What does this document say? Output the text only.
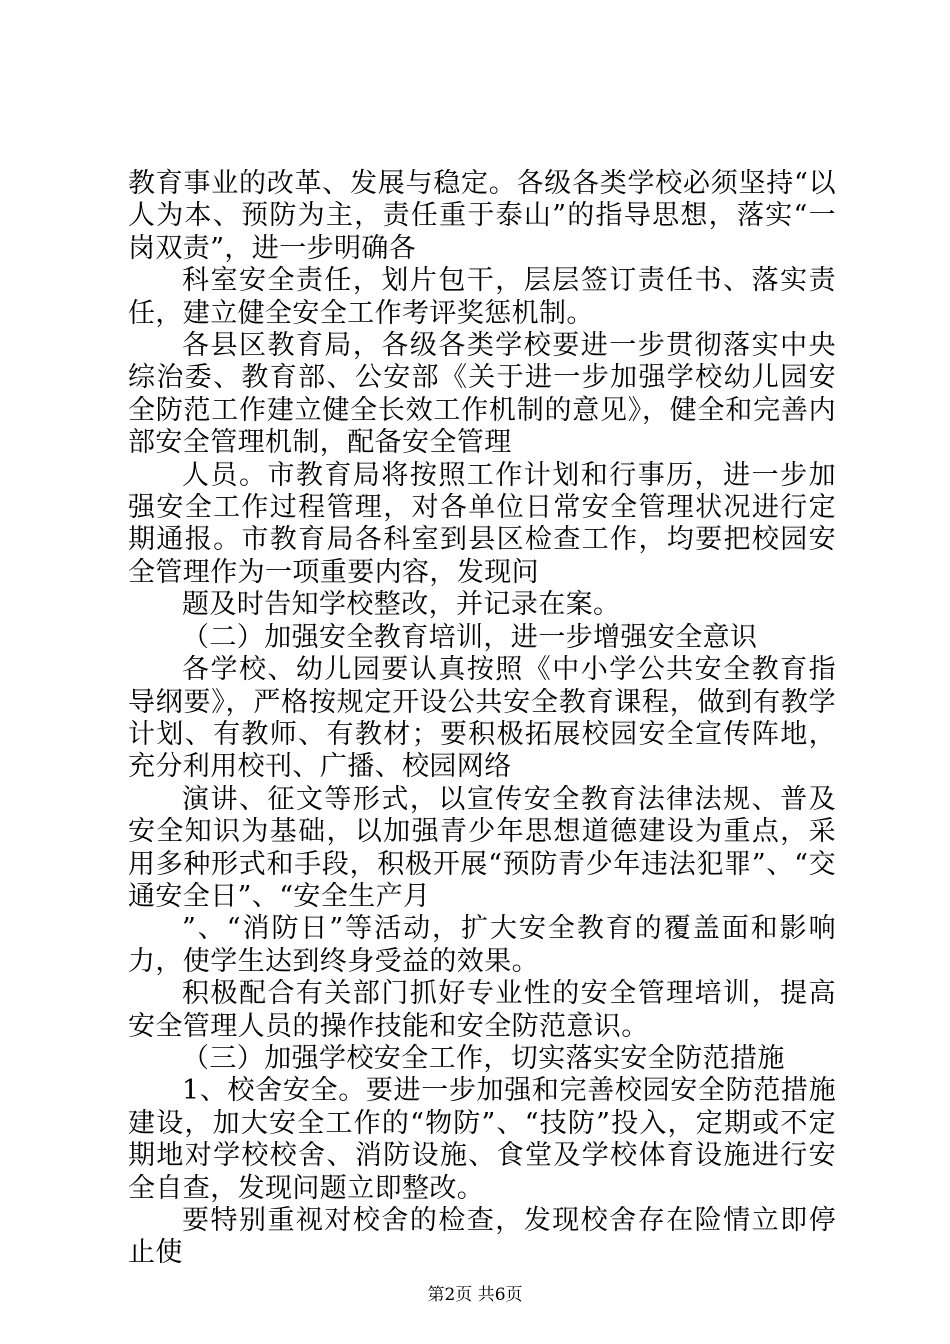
教育事业的改革、发展与稳定。各级各类学校必须坚持“以人为本、预防为主，责任重于泰山”的指导思想，落实“一岗双责”，进一步明确各

科室安全责任，划片包干，层层签订责任书、落实责任，建立健全安全工作考评奖惩机制。

各县区教育局，各级各类学校要进一步贯彻落实中央综治委、教育部、公安部《关于进一步加强学校幼儿园安全防范工作建立健全长效工作机制的意见》，健全和完善内部安全管理机制，配备安全管理

人员。市教育局将按照工作计划和行事历，进一步加强安全工作过程管理，对各单位日常安全管理状况进行定期通报。市教育局各科室到县区检查工作，均要把校园安全管理作为一项重要内容，发现问

题及时告知学校整改，并记录在案。

（二）加强安全教育培训，进一步增强安全意识

各学校、幼儿园要认真按照《中小学公共安全教育指导纲要》，严格按规定开设公共安全教育课程，做到有教学计划、有教师、有教材；要积极拓展校园安全宣传阵地，充分利用校刊、广播、校园网络

演讲、征文等形式，以宣传安全教育法律法规、普及安全知识为基础，以加强青少年思想道德建设为重点，采用多种形式和手段，积极开展“预防青少年违法犯罪”、“交通安全日”、“安全生产月

”、“消防日”等活动，扩大安全教育的覆盖面和影响力，使学生达到终身受益的效果。

积极配合有关部门抓好专业性的安全管理培训，提高安全管理人员的操作技能和安全防范意识。

（三）加强学校安全工作，切实落实安全防范措施

1、校舍安全。要进一步加强和完善校园安全防范措施建设，加大安全工作的“物防”、“技防”投入，定期或不定期地对学校校舍、消防设施、食堂及学校体育设施进行安全自查，发现问题立即整改。

要特别重视对校舍的检查，发现校舍存在险情立即停止使

第2页 共6页
